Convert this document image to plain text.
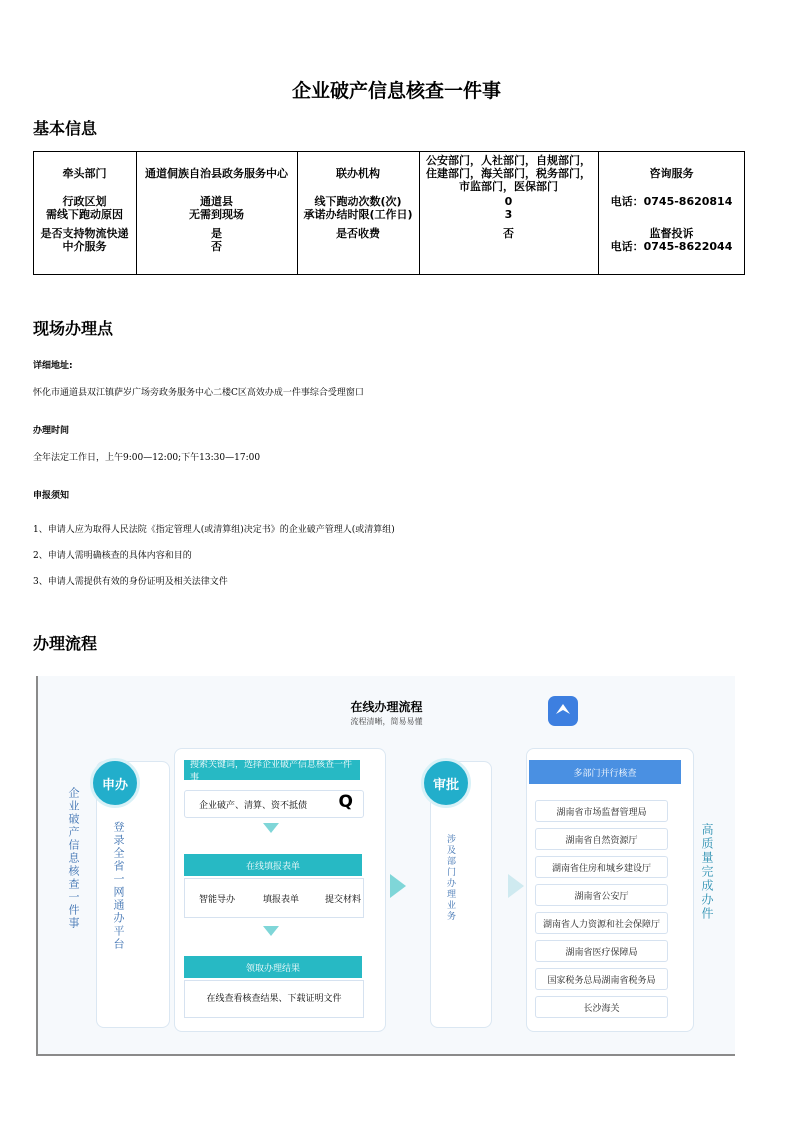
企业破产信息核查一件事
基本信息
牵头部门	通道侗族自治县政务服务中心	联办机构	公安部门，人社部门，自规部门，住建部门，海关部门，税务部门，市监部门，医保部门	咨询服务
行政区划	通道县	线下跑动次数(次)	0	电话：0745-8620814
需线下跑动原因	无需到现场	承诺办结时限(工作日)	3	
是否支持物流快递	是	是否收费	否	监督投诉
中介服务	否			电话：0745-8622044
现场办理点
详细地址:
怀化市通道县双江镇萨岁广场旁政务服务中心二楼C区高效办成一件事综合受理窗口
办理时间
全年法定工作日，上午9:00—12:00;下午13:30—17:00
申报须知
1、申请人应为取得人民法院《指定管理人(或清算组)决定书》的企业破产管理人(或清算组)
2、申请人需明确核查的具体内容和目的
3、申请人需提供有效的身份证明及相关法律文件
办理流程
在线办理流程
流程清晰，简易易懂
企业破产信息核查一件事
申办
登录全省一网通办平台
搜索关键词，选择企业破产信息核查一件事
企业破产、清算、资不抵债 Q
在线填报表单
智能导办	填报表单	提交材料
领取办理结果
在线查看核查结果、下载证明文件
审批
涉及部门办理业务
多部门并行核查
湖南省市场监督管理局
湖南省自然资源厅
湖南省住房和城乡建设厅
湖南省公安厅
湖南省人力资源和社会保障厅
湖南省医疗保障局
国家税务总局湖南省税务局
长沙海关
高质量完成办件
